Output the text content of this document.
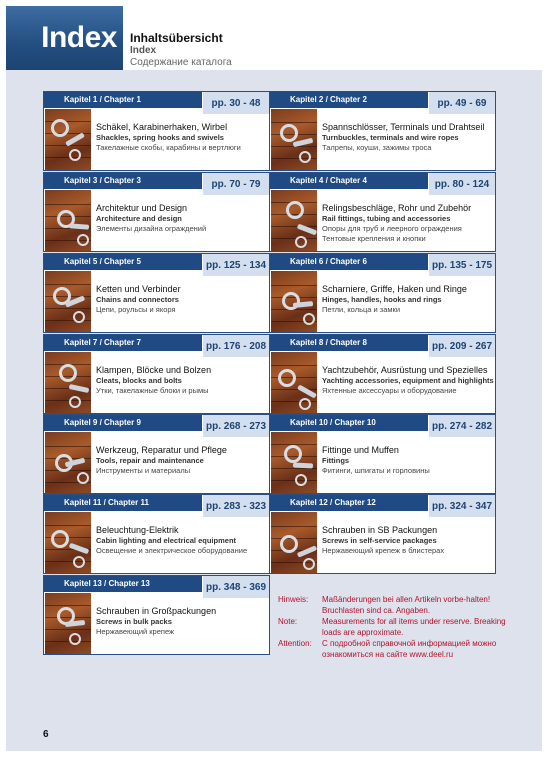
Index Inhaltsübersicht
Index
Содержание каталога
Kapitel 1 / Chapter 1	pp. 30 - 48
Schäkel, Karabinerhaken, Wirbel
Shackles, spring hooks and swivels
Такелажные скобы, карабины и вертлюги
Kapitel 2 / Chapter 2	pp. 49 - 69
Spannschlösser, Terminals und Drahtseil
Turnbuckles, terminals and wire ropes
Талрепы, коуши, зажимы троса
Kapitel 3 / Chapter 3	pp. 70 - 79
Architektur und Design
Architecture and design
Элементы дизайна ограждений
Kapitel 4 / Chapter 4	pp. 80 - 124
Relingsbeschläge, Rohr und Zubehör
Rail fittings, tubing and accessories
Опоры для труб и леерного ограждения
Тентовые крепления и кнопки
Kapitel 5 / Chapter 5	pp. 125 - 134
Ketten und Verbinder
Chains and connectors
Цепи, роульсы и якоря
Kapitel 6 / Chapter 6	pp. 135 - 175
Scharniere, Griffe, Haken und Ringe
Hinges, handles, hooks and rings
Петли, кольца и замки
Kapitel 7 / Chapter 7	pp. 176 - 208
Klampen, Blöcke und Bolzen
Cleats, blocks and bolts
Утки, такелажные блоки и рымы
Kapitel 8 / Chapter 8	pp. 209 - 267
Yachtzubehör, Ausrüstung und Spezielles
Yachting accessories, equipment and highlights
Яхтенные аксессуары и оборудование
Kapitel 9 / Chapter 9	pp. 268 - 273
Werkzeug, Reparatur und Pflege
Tools, repair and maintenance
Инструменты и материалы
Kapitel 10 / Chapter 10	pp. 274 - 282
Fittinge und Muffen
Fittings
Фитинги, шпигаты и горловины
Kapitel 11 / Chapter 11	pp. 283 - 323
Beleuchtung-Elektrik
Cabin lighting and electrical equipment
Освещение и электрическое оборудование
Kapitel 12 / Chapter 12	pp. 324 - 347
Schrauben in SB Packungen
Screws in self-service packages
Нержавеющий крепеж в блистерах
Kapitel 13 / Chapter 13	pp. 348 - 369
Schrauben in Großpackungen
Screws in bulk packs
Нержавеющий крепеж
Hinweis:	Maßänderungen bei allen Artikeln vorbe-halten! Bruchlasten sind ca. Angaben.
Note:	Measurements for all items under reserve. Breaking loads are approximate.
Attention:	С подробной справочной информацией можно ознакомиться на сайте www.deel.ru
6
